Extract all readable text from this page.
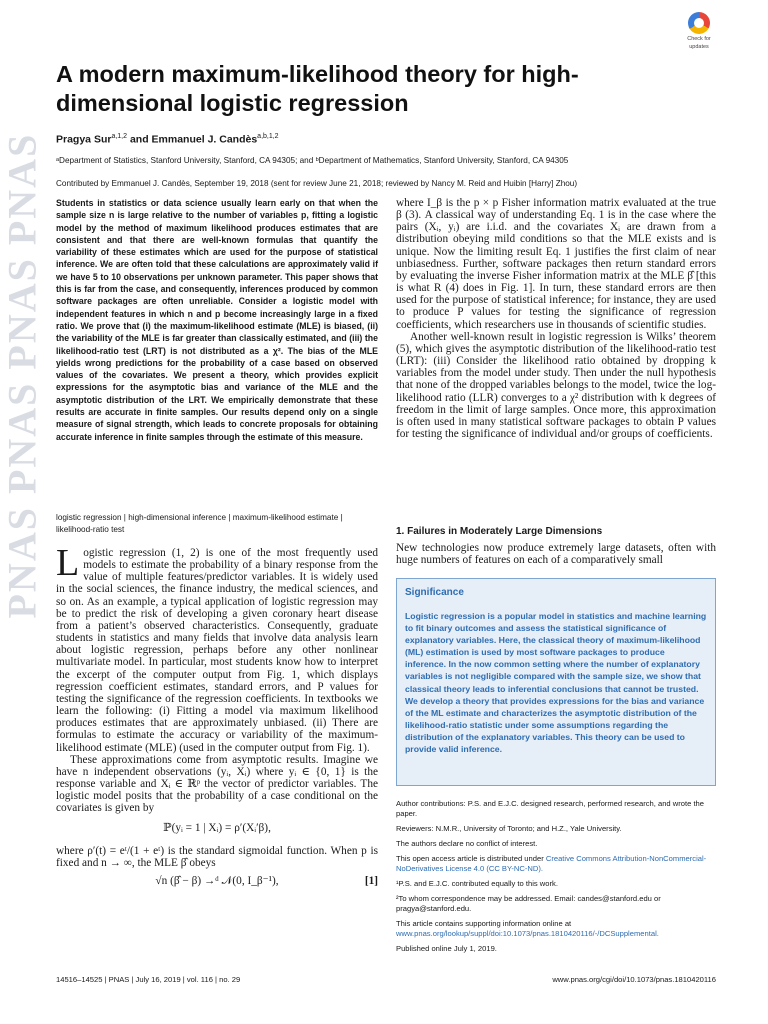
PNAS PNAS PNAS PNAS
Check for
updates
A modern maximum-likelihood theory for high-dimensional logistic regression
Pragya Sur$^{a,1,2}$ and Emmanuel J. Candès$^{a,b,1,2}$
ᵃDepartment of Statistics, Stanford University, Stanford, CA 94305; and ᵇDepartment of Mathematics, Stanford University, Stanford, CA 94305
Contributed by Emmanuel J. Candès, September 19, 2018 (sent for review June 21, 2018; reviewed by Nancy M. Reid and Huibin [Harry] Zhou)

Students in statistics or data science usually learn early on that when the sample size n is large relative to the number of variables p, fitting a logistic model by the method of maximum likelihood produces estimates that are consistent and that there are well-known formulas that quantify the variability of these estimates which are used for the purpose of statistical inference. We are often told that these calculations are approximately valid if we have 5 to 10 observations per unknown parameter. This paper shows that this is far from the case, and consequently, inferences produced by common software packages are often unreliable. Consider a logistic model with independent features in which n and p become increasingly large in a fixed ratio. We prove that (i) the maximum-likelihood estimate (MLE) is biased, (ii) the variability of the MLE is far greater than classically estimated, and (iii) the likelihood-ratio test (LRT) is not distributed as a χ². The bias of the MLE yields wrong predictions for the probability of a case based on observed values of the covariates. We present a theory, which provides explicit expressions for the asymptotic bias and variance of the MLE and the asymptotic distribution of the LRT. We empirically demonstrate that these results are accurate in finite samples. Our results depend only on a single measure of signal strength, which leads to concrete proposals for obtaining accurate inference in finite samples through the estimate of this measure.

logistic regression | high-dimensional inference | maximum-likelihood estimate | likelihood-ratio test

Logistic regression (1, 2) is one of the most frequently used models to estimate the probability of a binary response from the value of multiple features/predictor variables. It is widely used in the social sciences, the finance industry, the medical sciences, and so on. As an example, a typical application of logistic regression may be to predict the risk of developing a given coronary heart disease from a patient’s observed characteristics. Consequently, graduate students in statistics and many fields that involve data analysis learn about logistic regression, perhaps before any other nonlinear multivariate model. In particular, most students know how to interpret the excerpt of the computer output from Fig. 1, which displays regression coefficient estimates, standard errors, and P values for testing the significance of the regression coefficients. In textbooks we learn the following: (i) Fitting a model via maximum likelihood produces estimates that are approximately unbiased. (ii) There are formulas to estimate the accuracy or variability of the maximum-likelihood estimate (MLE) (used in the computer output from Fig. 1).

These approximations come from asymptotic results. Imagine we have n independent observations (yᵢ, Xᵢ) where yᵢ ∈ {0, 1} is the response variable and Xᵢ ∈ ℝᵖ the vector of predictor variables. The logistic model posits that the probability of a case conditional on the covariates is given by

ℙ(yᵢ = 1 | Xᵢ) = ρ′(Xᵢ′β),

where ρ′(t) = eᵗ/(1 + eᵗ) is the standard sigmoidal function. When p is fixed and n → ∞, the MLE β̂ obeys

√n (β̂ − β) →ᵈ 𝒩(0, I_β⁻¹),	[1]

where I_β is the p × p Fisher information matrix evaluated at the true β (3). A classical way of understanding Eq. 1 is in the case where the pairs (Xᵢ, yᵢ) are i.i.d. and the covariates Xᵢ are drawn from a distribution obeying mild conditions so that the MLE exists and is unique. Now the limiting result Eq. 1 justifies the first claim of near unbiasedness. Further, software packages then return standard errors by evaluating the inverse Fisher information matrix at the MLE β̂ [this is what R (4) does in Fig. 1]. In turn, these standard errors are then used for the purpose of statistical inference; for instance, they are used to produce P values for testing the significance of regression coefficients, which researchers use in thousands of scientific studies.

Another well-known result in logistic regression is Wilks’ theorem (5), which gives the asymptotic distribution of the likelihood-ratio test (LRT): (iii) Consider the likelihood ratio obtained by dropping k variables from the model under study. Then under the null hypothesis that none of the dropped variables belongs to the model, twice the log-likelihood ratio (LLR) converges to a χ² distribution with k degrees of freedom in the limit of large samples. Once more, this approximation is often used in many statistical software packages to obtain P values for testing the significance of individual and/or groups of coefficients.

1. Failures in Moderately Large Dimensions

New technologies now produce extremely large datasets, often with huge numbers of features on each of a comparatively small

Significance

Logistic regression is a popular model in statistics and machine learning to fit binary outcomes and assess the statistical significance of explanatory variables. Here, the classical theory of maximum-likelihood (ML) estimation is used by most software packages to produce inference. In the now common setting where the number of explanatory variables is not negligible compared with the sample size, we show that classical theory leads to inferential conclusions that cannot be trusted. We develop a theory that provides expressions for the bias and variance of the ML estimate and characterizes the asymptotic distribution of the likelihood-ratio statistic under some assumptions regarding the distribution of the explanatory variables. This theory can be used to provide valid inference.

Author contributions: P.S. and E.J.C. designed research, performed research, and wrote the paper.
Reviewers: N.M.R., University of Toronto; and H.Z., Yale University.
The authors declare no conflict of interest.
This open access article is distributed under Creative Commons Attribution-NonCommercial-NoDerivatives License 4.0 (CC BY-NC-ND).
¹P.S. and E.J.C. contributed equally to this work.
²To whom correspondence may be addressed. Email: candes@stanford.edu or pragya@stanford.edu.
This article contains supporting information online at www.pnas.org/lookup/suppl/doi:10.1073/pnas.1810420116/-/DCSupplemental.
Published online July 1, 2019.
14516–14525 | PNAS | July 16, 2019 | vol. 116 | no. 29	www.pnas.org/cgi/doi/10.1073/pnas.1810420116
